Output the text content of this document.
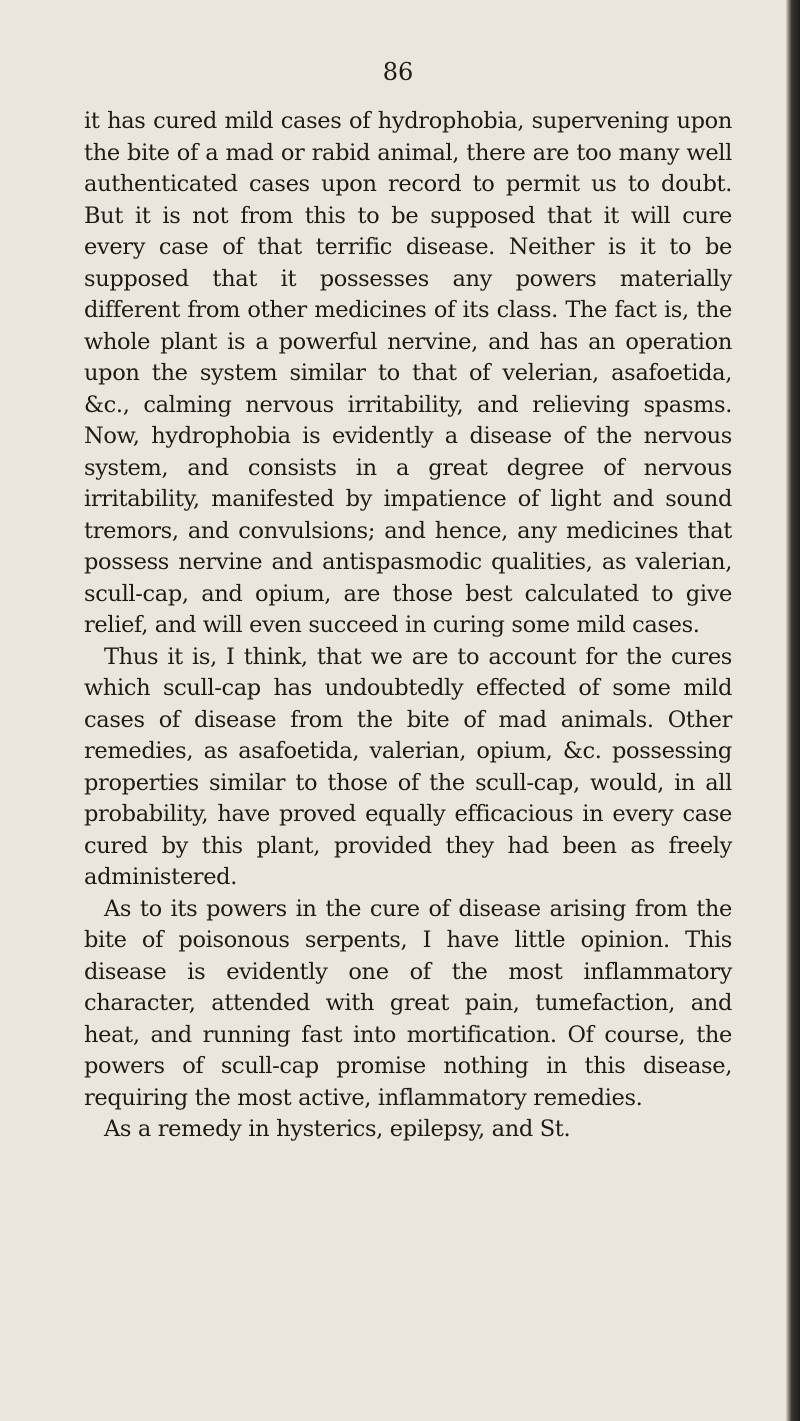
86

it has cured mild cases of hydrophobia, supervening upon the bite of a mad or rabid animal, there are too many well authenticated cases upon record to permit us to doubt. But it is not from this to be supposed that it will cure every case of that terrific disease. Neither is it to be supposed that it possesses any powers materially different from other medicines of its class. The fact is, the whole plant is a powerful nervine, and has an operation upon the system similar to that of velerian, asafoetida, &c., calming nervous irritability, and relieving spasms. Now, hydrophobia is evidently a disease of the nervous system, and consists in a great degree of nervous irritability, manifested by impatience of light and sound tremors, and convulsions; and hence, any medicines that possess nervine and antispasmodic qualities, as valerian, scull-cap, and opium, are those best calculated to give relief, and will even succeed in curing some mild cases.

Thus it is, I think, that we are to account for the cures which scull-cap has undoubtedly effected of some mild cases of disease from the bite of mad animals. Other remedies, as asafoetida, valerian, opium, &c. possessing properties similar to those of the scull-cap, would, in all probability, have proved equally efficacious in every case cured by this plant, provided they had been as freely administered.

As to its powers in the cure of disease arising from the bite of poisonous serpents, I have little opinion. This disease is evidently one of the most inflammatory character, attended with great pain, tumefaction, and heat, and running fast into mortification. Of course, the powers of scull-cap promise nothing in this disease, requiring the most active, inflammatory remedies.

As a remedy in hysterics, epilepsy, and St.
